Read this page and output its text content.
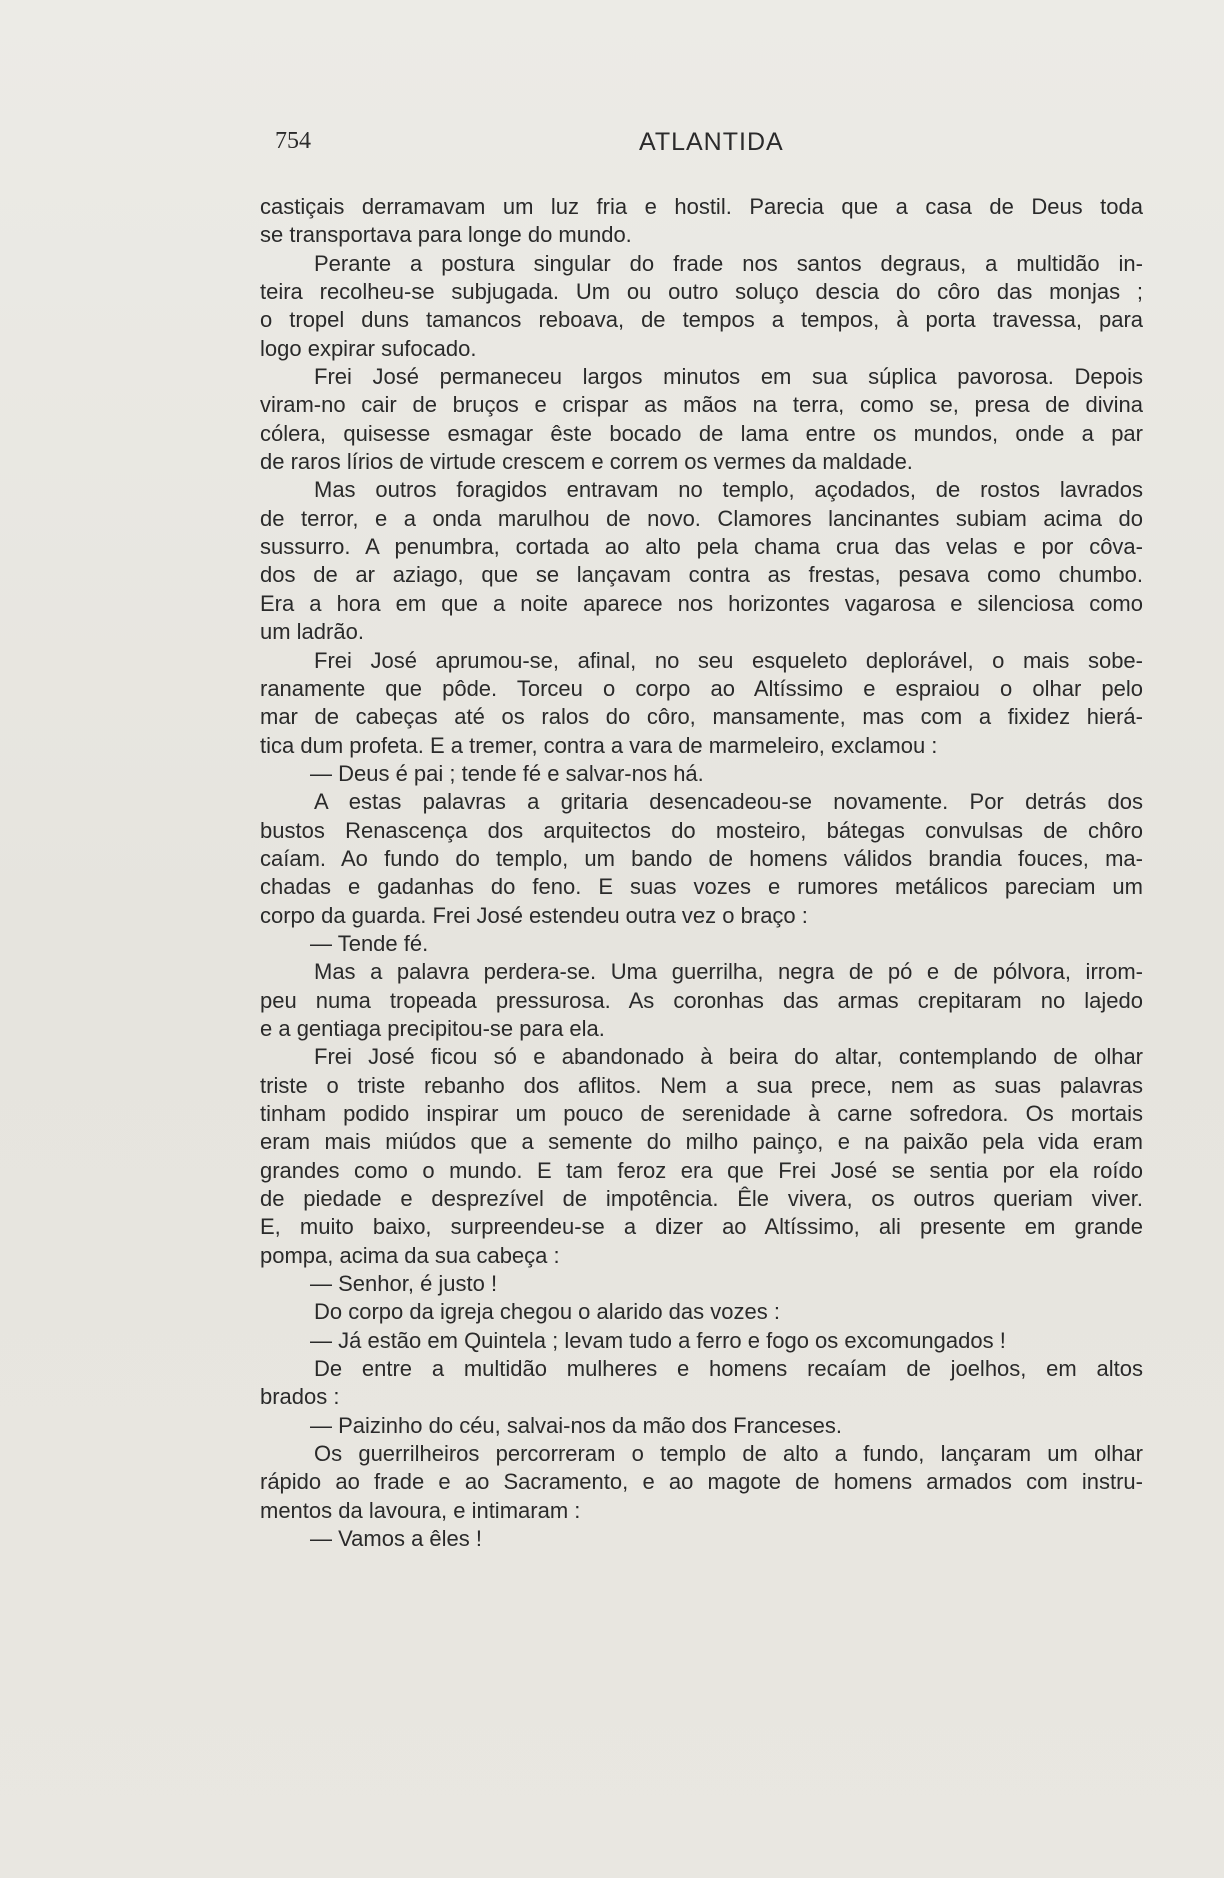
754	ATLANTIDA
castiçais derramavam um luz fria e hostil. Parecia que a casa de Deus toda
se transportava para longe do mundo.
Perante a postura singular do frade nos santos degraus, a multidão in-
teira recolheu-se subjugada. Um ou outro soluço descia do côro das monjas ;
o tropel duns tamancos reboava, de tempos a tempos, à porta travessa, para
logo expirar sufocado.
Frei José permaneceu largos minutos em sua súplica pavorosa. Depois
viram-no cair de bruços e crispar as mãos na terra, como se, presa de divina
cólera, quisesse esmagar êste bocado de lama entre os mundos, onde a par
de raros lírios de virtude crescem e correm os vermes da maldade.
Mas outros foragidos entravam no templo, açodados, de rostos lavrados
de terror, e a onda marulhou de novo. Clamores lancinantes subiam acima do
sussurro. A penumbra, cortada ao alto pela chama crua das velas e por côva-
dos de ar aziago, que se lançavam contra as frestas, pesava como chumbo.
Era a hora em que a noite aparece nos horizontes vagarosa e silenciosa como
um ladrão.
Frei José aprumou-se, afinal, no seu esqueleto deplorável, o mais sobe-
ranamente que pôde. Torceu o corpo ao Altíssimo e espraiou o olhar pelo
mar de cabeças até os ralos do côro, mansamente, mas com a fixidez hierá-
tica dum profeta. E a tremer, contra a vara de marmeleiro, exclamou :
— Deus é pai ; tende fé e salvar-nos há.
A estas palavras a gritaria desencadeou-se novamente. Por detrás dos
bustos Renascença dos arquitectos do mosteiro, bátegas convulsas de chôro
caíam. Ao fundo do templo, um bando de homens válidos brandia fouces, ma-
chadas e gadanhas do feno. E suas vozes e rumores metálicos pareciam um
corpo da guarda. Frei José estendeu outra vez o braço :
— Tende fé.
Mas a palavra perdera-se. Uma guerrilha, negra de pó e de pólvora, irrom-
peu numa tropeada pressurosa. As coronhas das armas crepitaram no lajedo
e a gentiaga precipitou-se para ela.
Frei José ficou só e abandonado à beira do altar, contemplando de olhar
triste o triste rebanho dos aflitos. Nem a sua prece, nem as suas palavras
tinham podido inspirar um pouco de serenidade à carne sofredora. Os mortais
eram mais miúdos que a semente do milho painço, e na paixão pela vida eram
grandes como o mundo. E tam feroz era que Frei José se sentia por ela roído
de piedade e desprezível de impotência. Êle vivera, os outros queriam viver.
E, muito baixo, surpreendeu-se a dizer ao Altíssimo, ali presente em grande
pompa, acima da sua cabeça :
— Senhor, é justo !
Do corpo da igreja chegou o alarido das vozes :
— Já estão em Quintela ; levam tudo a ferro e fogo os excomungados !
De entre a multidão mulheres e homens recaíam de joelhos, em altos
brados :
— Paizinho do céu, salvai-nos da mão dos Franceses.
Os guerrilheiros percorreram o templo de alto a fundo, lançaram um olhar
rápido ao frade e ao Sacramento, e ao magote de homens armados com instru-
mentos da lavoura, e intimaram :
— Vamos a êles !
